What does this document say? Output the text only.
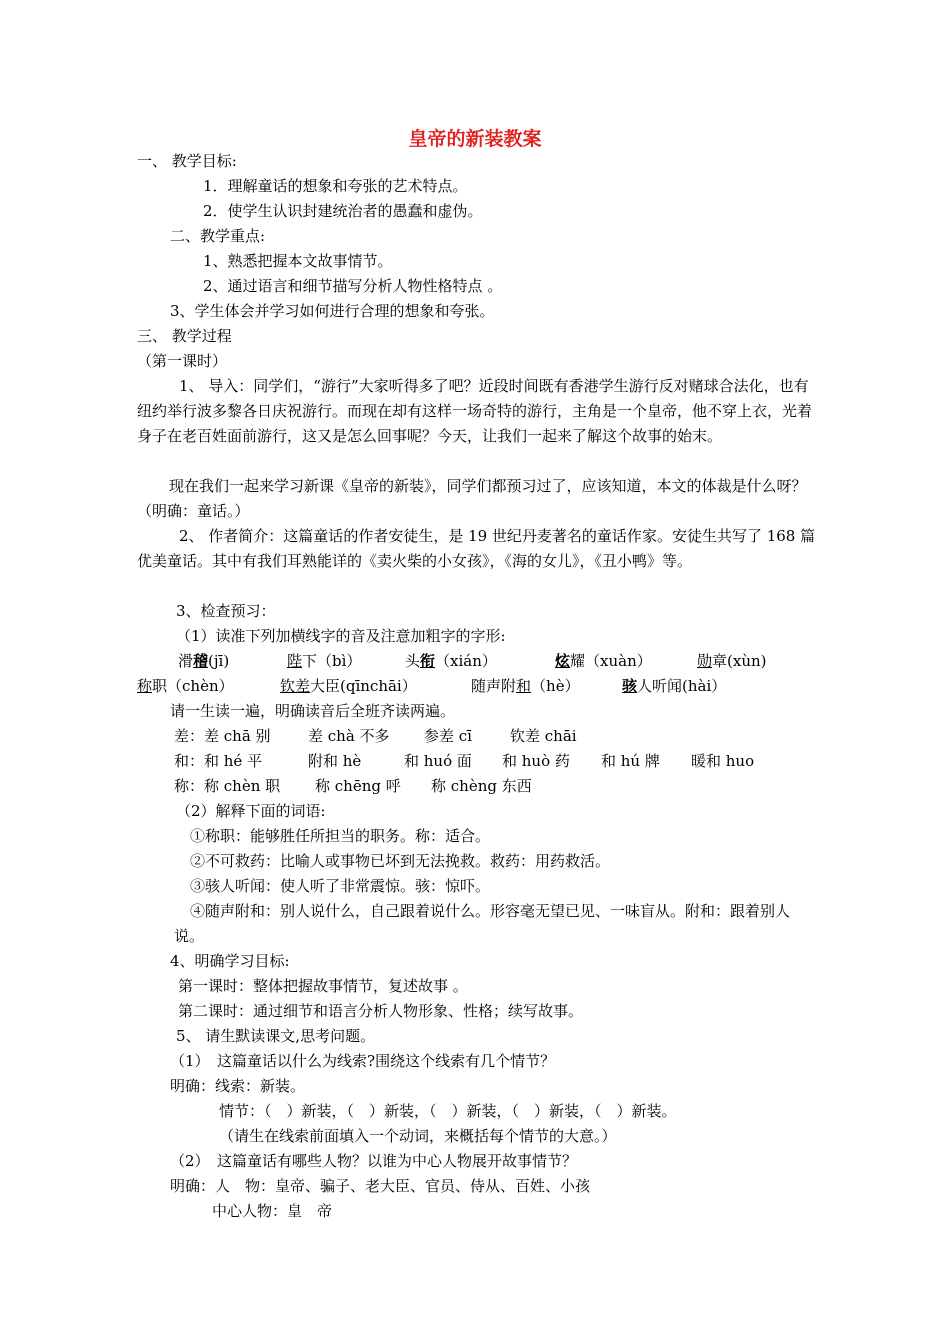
皇帝的新装教案
一、 教学目标:
1．理解童话的想象和夸张的艺术特点。
2．使学生认识封建统治者的愚蠢和虚伪。
二、教学重点:
1、熟悉把握本文故事情节。
2、通过语言和细节描写分析人物性格特点 。
3、学生体会并学习如何进行合理的想象和夸张。
三、 教学过程
（第一课时）
1、 导入：同学们，“游行”大家听得多了吧？近段时间既有香港学生游行反对赌球合法化，也有纽约举行波多黎各日庆祝游行。而现在却有这样一场奇特的游行，主角是一个皇帝，他不穿上衣，光着身子在老百姓面前游行，这又是怎么回事呢？今天，让我们一起来了解这个故事的始末。
现在我们一起来学习新课《皇帝的新装》，同学们都预习过了，应该知道，本文的体裁是什么呀？（明确：童话。）
2、 作者简介：这篇童话的作者安徒生，是 19 世纪丹麦著名的童话作家。安徒生共写了 168 篇优美童话。其中有我们耳熟能详的《卖火柴的小女孩》，《海的女儿》，《丑小鸭》等。
3、检查预习：
（1）读准下列加横线字的音及注意加粗字的字形:
滑稽(jī)	陛下（bì）	头衔（xián）	炫耀（xuàn）	勋章(xùn)
称职（chèn）	钦差大臣(qīnchāi）	随声附和（hè）	骇人听闻(hài）
请一生读一遍，明确读音后全班齐读两遍。
差：差 chā 别 差 chà 不多 参差 cī	钦差 chāi
和：和 hé 平	附和 hè	和 huó 面 和 huò 药 和 hú 牌 暖和 huo
称：称 chèn 职 称 chēng 呼 称 chèng 东西
（2）解释下面的词语:
①称职：能够胜任所担当的职务。称：适合。
②不可救药：比喻人或事物已坏到无法挽救。救药：用药救活。
③骇人听闻：使人听了非常震惊。骇：惊吓。
④随声附和：别人说什么，自己跟着说什么。形容毫无望已见、一味盲从。附和：跟着别人说。
4、明确学习目标:
第一课时：整体把握故事情节，复述故事 。
第二课时：通过细节和语言分析人物形象、性格；续写故事。
5、 请生默读课文,思考问题。
（1）　这篇童话以什么为线索?围绕这个线索有几个情节？
明确：线索：新装。
情节：（　）新装，（　）新装，（　）新装，（　）新装，（　）新装。
（请生在线索前面填入一个动词，来概括每个情节的大意。）
（2）　这篇童话有哪些人物？以谁为中心人物展开故事情节？
明确：人　物：皇帝、骗子、老大臣、官员、侍从、百姓、小孩
中心人物：皇　帝
